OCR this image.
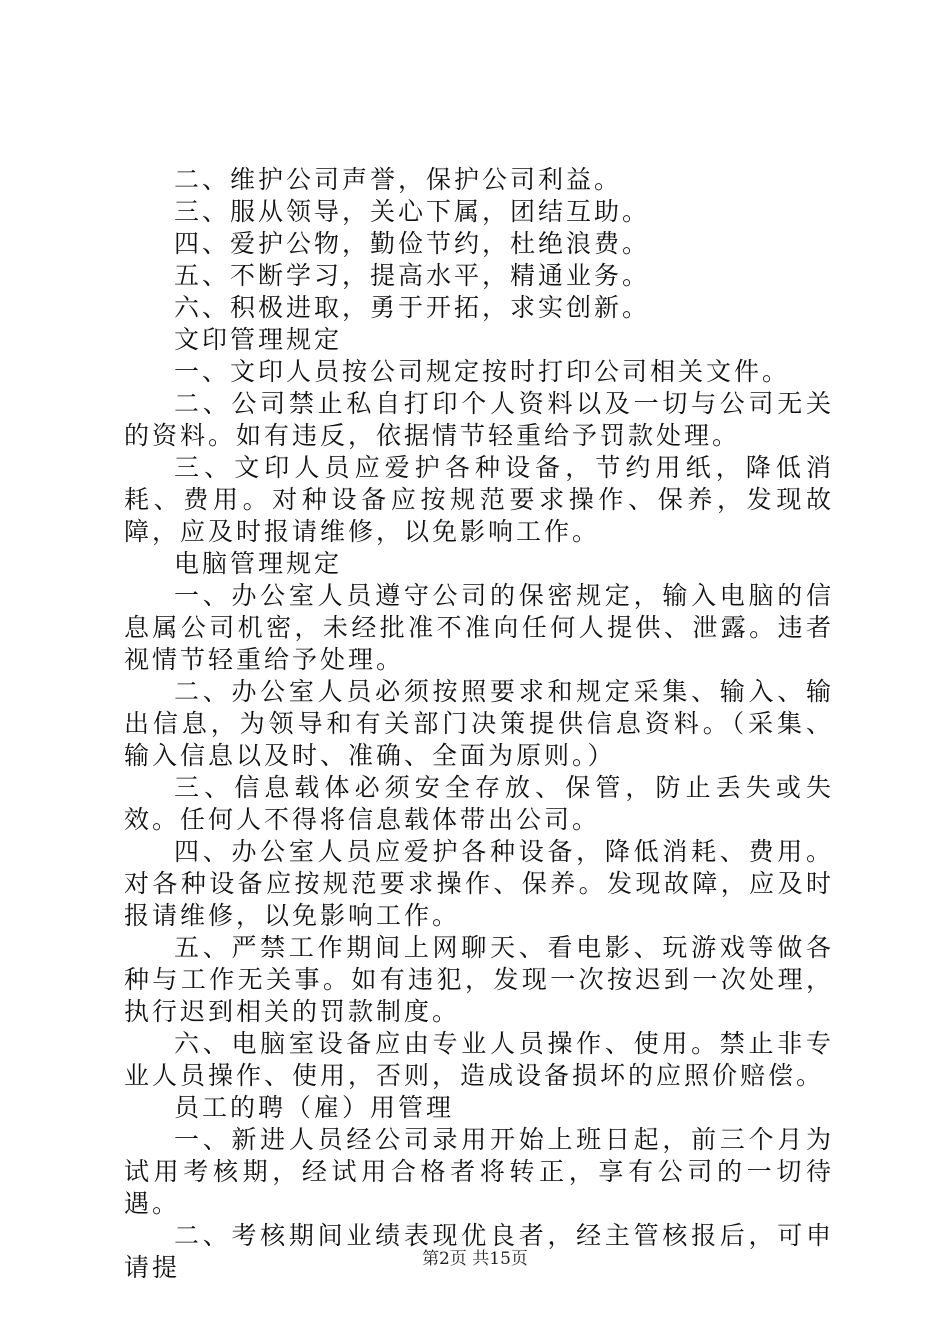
二、维护公司声誉，保护公司利益。

三、服从领导，关心下属，团结互助。

四、爱护公物，勤俭节约，杜绝浪费。

五、不断学习，提高水平，精通业务。

六、积极进取，勇于开拓，求实创新。

文印管理规定

一、文印人员按公司规定按时打印公司相关文件。

二、公司禁止私自打印个人资料以及一切与公司无关的资料。如有违反，依据情节轻重给予罚款处理。

三、文印人员应爱护各种设备，节约用纸，降低消耗、费用。对种设备应按规范要求操作、保养，发现故障，应及时报请维修，以免影响工作。

电脑管理规定

一、办公室人员遵守公司的保密规定，输入电脑的信息属公司机密，未经批准不准向任何人提供、泄露。违者视情节轻重给予处理。

二、办公室人员必须按照要求和规定采集、输入、输出信息，为领导和有关部门决策提供信息资料。（采集、输入信息以及时、准确、全面为原则。）

三、信息载体必须安全存放、保管，防止丢失或失效。任何人不得将信息载体带出公司。

四、办公室人员应爱护各种设备，降低消耗、费用。对各种设备应按规范要求操作、保养。发现故障，应及时报请维修，以免影响工作。

五、严禁工作期间上网聊天、看电影、玩游戏等做各种与工作无关事。如有违犯，发现一次按迟到一次处理，执行迟到相关的罚款制度。

六、电脑室设备应由专业人员操作、使用。禁止非专业人员操作、使用，否则，造成设备损坏的应照价赔偿。

员工的聘（雇）用管理

一、新进人员经公司录用开始上班日起，前三个月为试用考核期，经试用合格者将转正，享有公司的一切待遇。

二、考核期间业绩表现优良者，经主管核报后，可申请提	第2页 共15页
